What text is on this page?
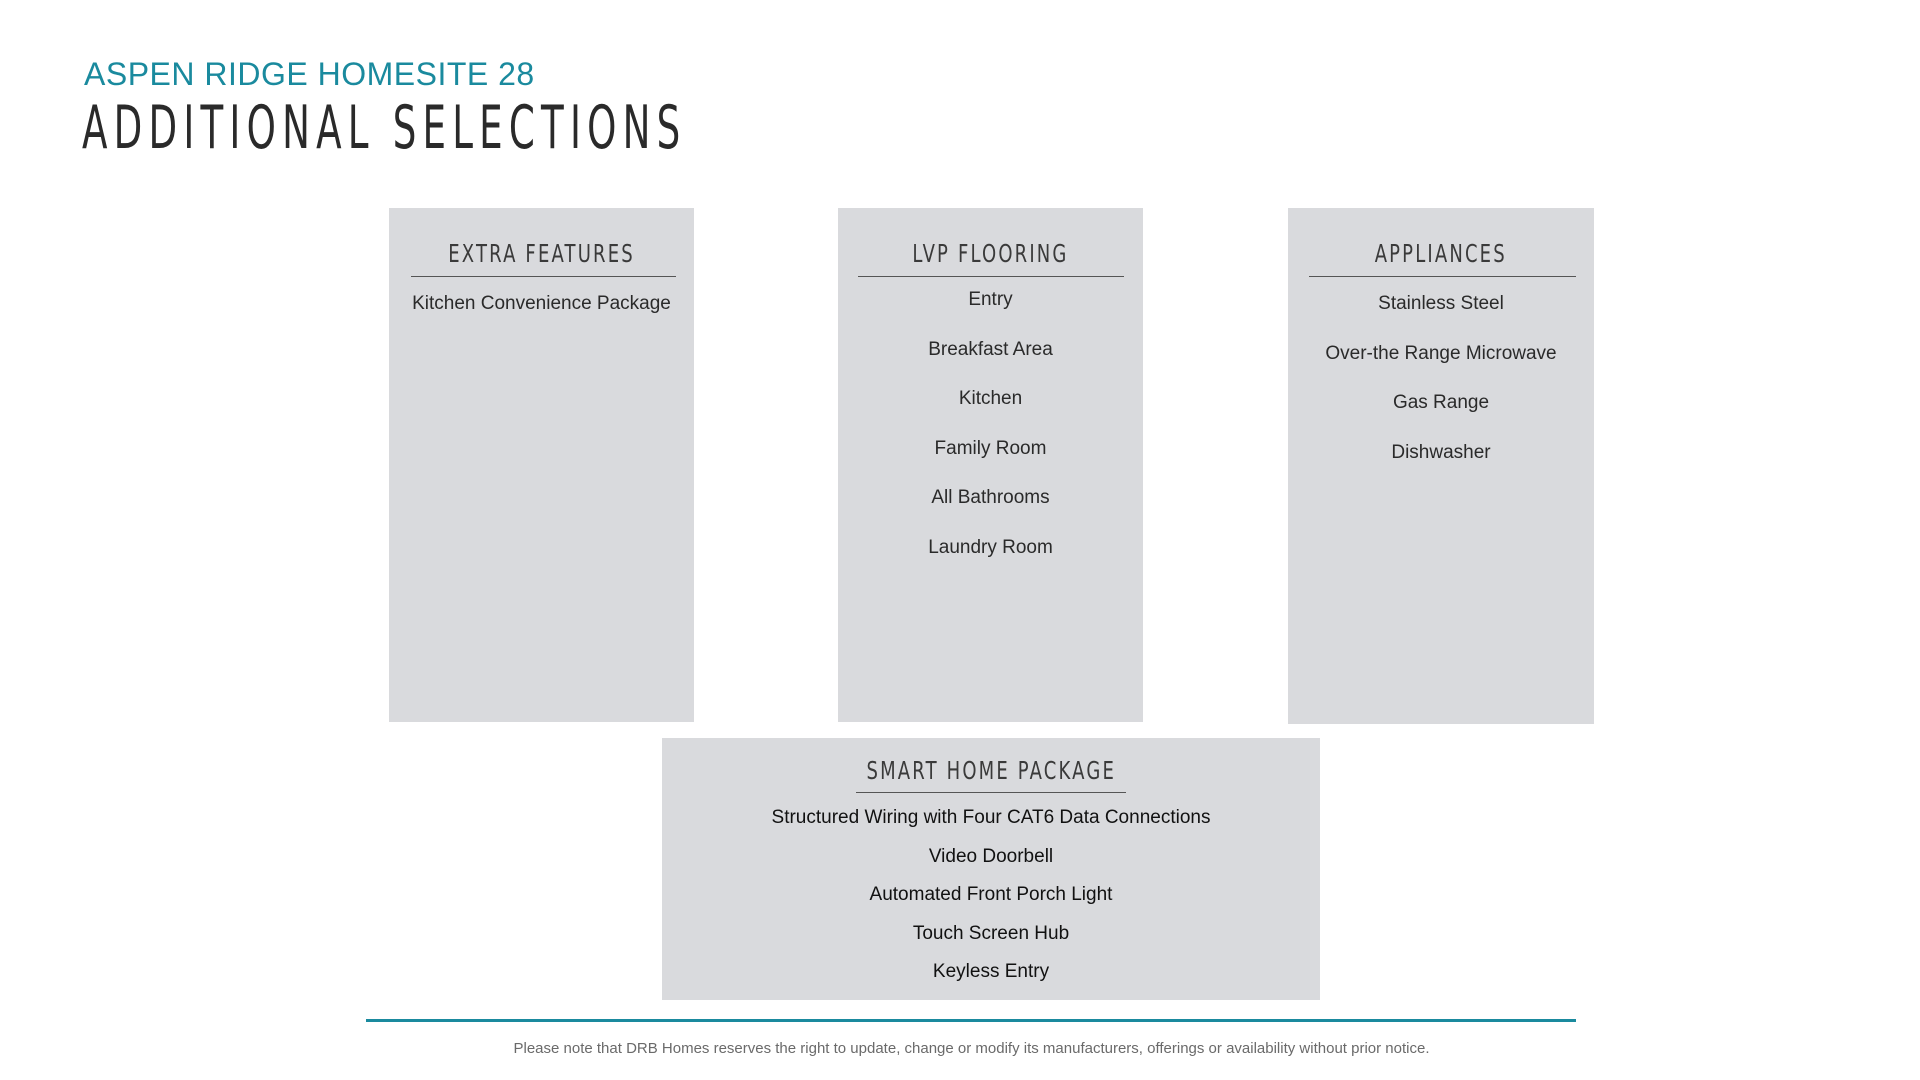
ASPEN RIDGE HOMESITE 28
ADDITIONAL SELECTIONS
EXTRA FEATURES
Kitchen Convenience Package
LVP FLOORING
Entry
Breakfast Area
Kitchen
Family Room
All Bathrooms
Laundry Room
APPLIANCES
Stainless Steel
Over-the Range Microwave
Gas Range
Dishwasher
SMART HOME PACKAGE
Structured Wiring with Four CAT6 Data Connections
Video Doorbell
Automated Front Porch Light
Touch Screen Hub
Keyless Entry
Please note that DRB Homes reserves the right to update, change or modify its manufacturers, offerings or availability without prior notice.
